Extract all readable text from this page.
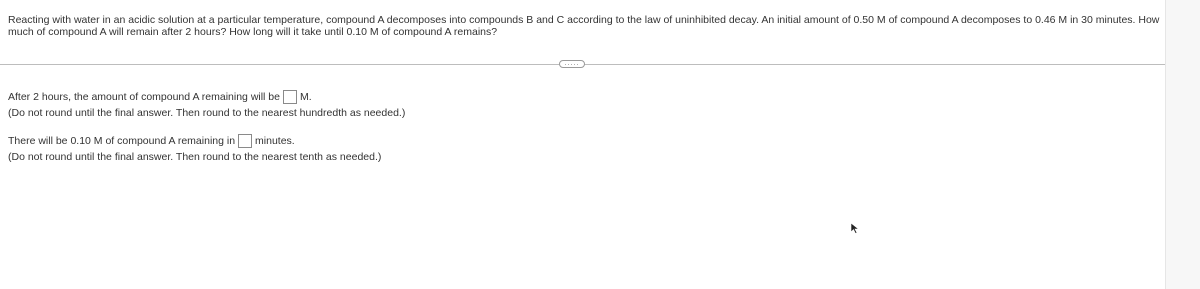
Reacting with water in an acidic solution at a particular temperature, compound A decomposes into compounds B and C according to the law of uninhibited decay. An initial amount of 0.50 M of compound A decomposes to 0.46 M in 30 minutes. How much of compound A will remain after 2 hours? How long will it take until 0.10 M of compound A remains?
.....
After 2 hours, the amount of compound A remaining will be M.
(Do not round until the final answer. Then round to the nearest hundredth as needed.)
There will be 0.10 M of compound A remaining in minutes.
(Do not round until the final answer. Then round to the nearest tenth as needed.)
